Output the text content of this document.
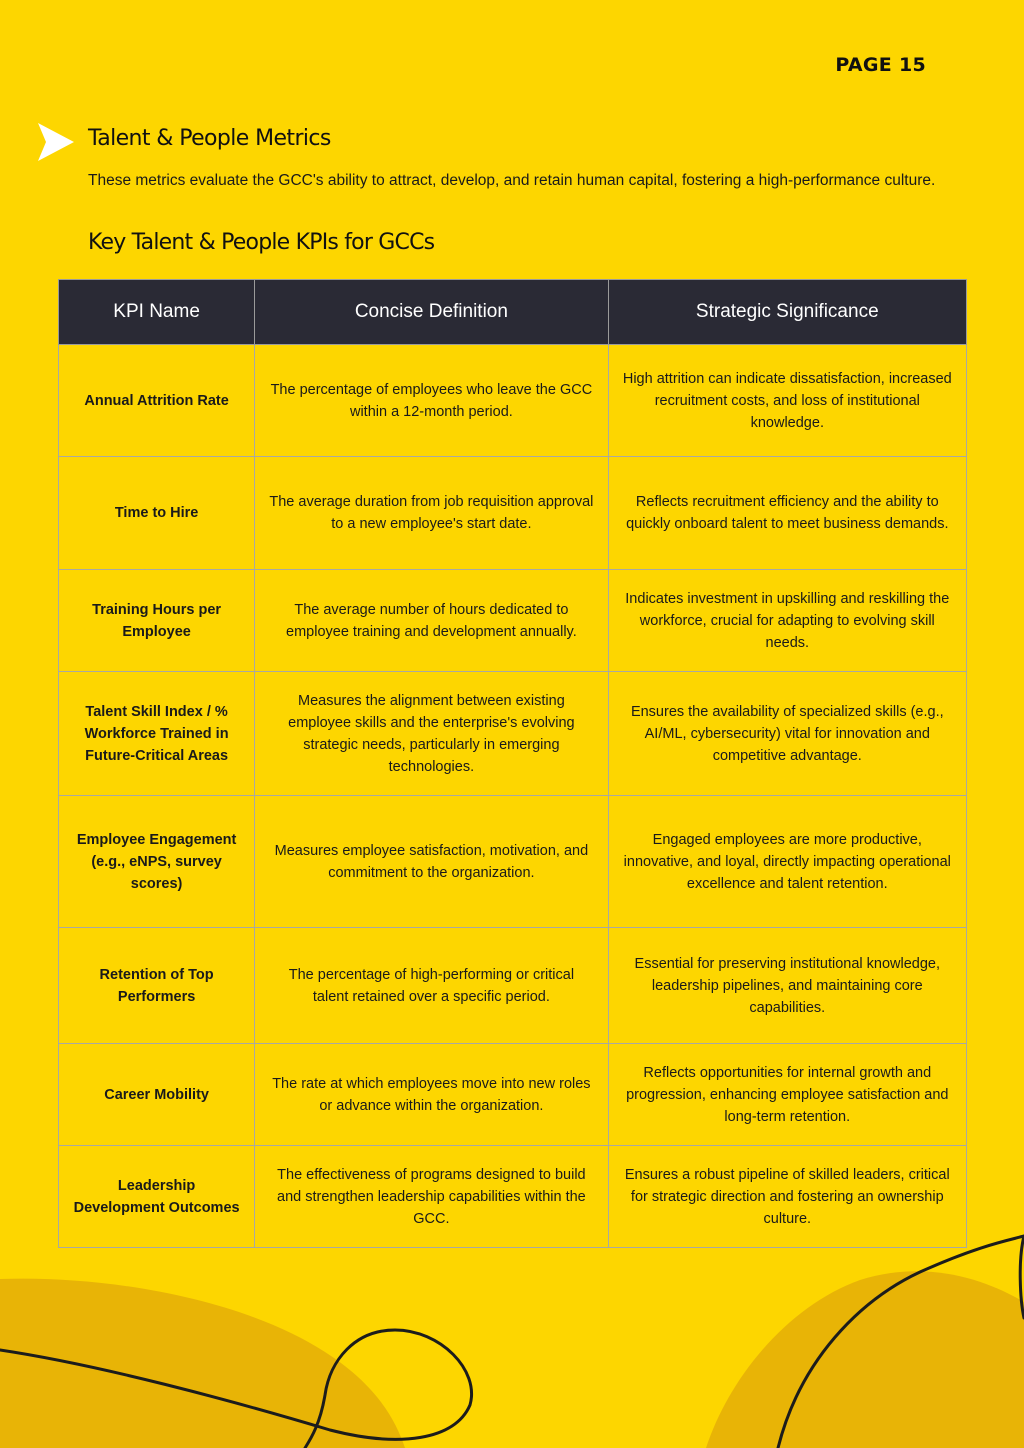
PAGE 15
Talent & People Metrics
These metrics evaluate the GCC's ability to attract, develop, and retain human capital, fostering a high-performance culture.
Key Talent & People KPIs for GCCs
KPI Name	Concise Definition	Strategic Significance
Annual Attrition Rate	The percentage of employees who leave the GCC within a 12-month period.	High attrition can indicate dissatisfaction, increased recruitment costs, and loss of institutional knowledge.
Time to Hire	The average duration from job requisition approval to a new employee's start date.	Reflects recruitment efficiency and the ability to quickly onboard talent to meet business demands.
Training Hours per Employee	The average number of hours dedicated to employee training and development annually.	Indicates investment in upskilling and reskilling the workforce, crucial for adapting to evolving skill needs.
Talent Skill Index / % Workforce Trained in Future-Critical Areas	Measures the alignment between existing employee skills and the enterprise's evolving strategic needs, particularly in emerging technologies.	Ensures the availability of specialized skills (e.g., AI/ML, cybersecurity) vital for innovation and competitive advantage.
Employee Engagement (e.g., eNPS, survey scores)	Measures employee satisfaction, motivation, and commitment to the organization.	Engaged employees are more productive, innovative, and loyal, directly impacting operational excellence and talent retention.
Retention of Top Performers	The percentage of high-performing or critical talent retained over a specific period.	Essential for preserving institutional knowledge, leadership pipelines, and maintaining core capabilities.
Career Mobility	The rate at which employees move into new roles or advance within the organization.	Reflects opportunities for internal growth and progression, enhancing employee satisfaction and long-term retention.
Leadership Development Outcomes	The effectiveness of programs designed to build and strengthen leadership capabilities within the GCC.	Ensures a robust pipeline of skilled leaders, critical for strategic direction and fostering an ownership culture.
